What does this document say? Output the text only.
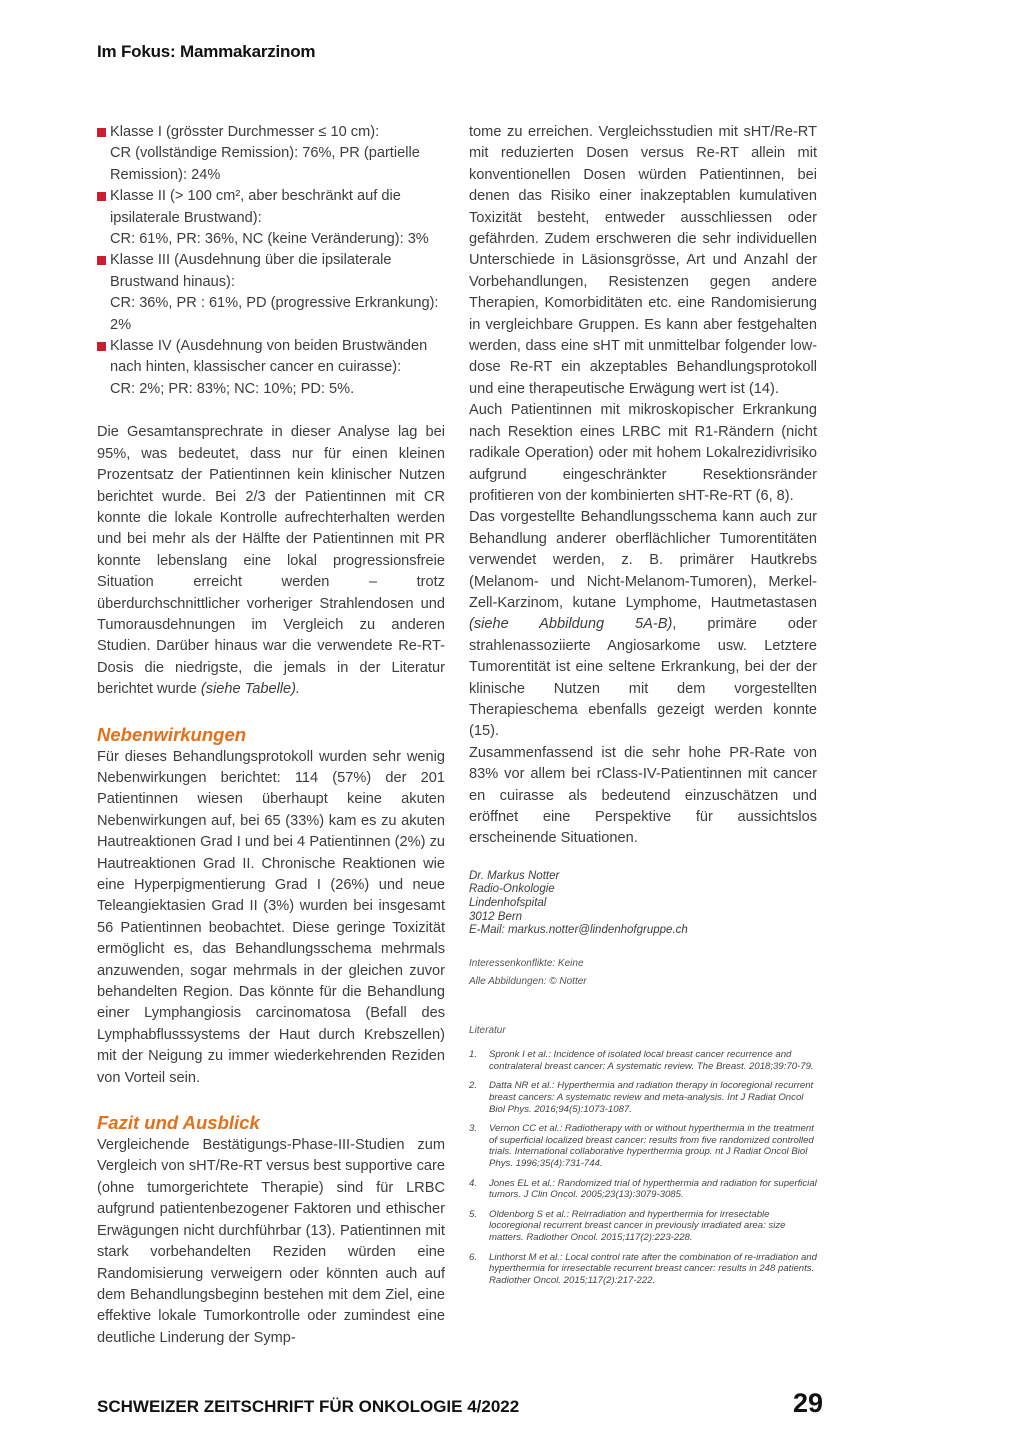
Im Fokus: Mammakarzinom

Klasse I (grösster Durchmesser ≤ 10 cm):
CR (vollständige Remission): 76%, PR (partielle Remission): 24%

Klasse II (> 100 cm², aber beschränkt auf die ipsilaterale Brustwand):
CR: 61%, PR: 36%, NC (keine Veränderung): 3%

Klasse III (Ausdehnung über die ipsilaterale Brustwand hinaus):
CR: 36%, PR : 61%, PD (progressive Erkrankung): 2%

Klasse IV (Ausdehnung von beiden Brustwänden nach hinten, klassischer cancer en cuirasse):
CR: 2%; PR: 83%; NC: 10%; PD: 5%.

Die Gesamtansprechrate in dieser Analyse lag bei 95%, was bedeutet, dass nur für einen kleinen Prozentsatz der Patientinnen kein klinischer Nutzen berichtet wurde. Bei 2/3 der Patientinnen mit CR konnte die lokale Kontrolle aufrechterhalten werden und bei mehr als der Hälfte der Patientinnen mit PR konnte lebenslang eine lokal progressionsfreie Situation erreicht werden – trotz überdurchschnittlicher vorheriger Strahlendosen und Tumorausdehnungen im Vergleich zu anderen Studien. Darüber hinaus war die verwendete Re-RT-Dosis die niedrigste, die jemals in der Literatur berichtet wurde (siehe Tabelle).

Nebenwirkungen

Für dieses Behandlungsprotokoll wurden sehr wenig Nebenwirkungen berichtet: 114 (57%) der 201 Patientinnen wiesen überhaupt keine akuten Nebenwirkungen auf, bei 65 (33%) kam es zu akuten Hautreaktionen Grad I und bei 4 Patientinnen (2%) zu Hautreaktionen Grad II. Chronische Reaktionen wie eine Hyperpigmentierung Grad I (26%) und neue Teleangiektasien Grad II (3%) wurden bei insgesamt 56 Patientinnen beobachtet. Diese geringe Toxizität ermöglicht es, das Behandlungsschema mehrmals anzuwenden, sogar mehrmals in der gleichen zuvor behandelten Region. Das könnte für die Behandlung einer Lymphangiosis carcinomatosa (Befall des Lymphabflusssystems der Haut durch Krebszellen) mit der Neigung zu immer wiederkehrenden Reziden von Vorteil sein.

Fazit und Ausblick

Vergleichende Bestätigungs-Phase-III-Studien zum Vergleich von sHT/Re-RT versus best supportive care (ohne tumorgerichtete Therapie) sind für LRBC aufgrund patientenbezogener Faktoren und ethischer Erwägungen nicht durchführbar (13). Patientinnen mit stark vorbehandelten Reziden würden eine Randomisierung verweigern oder könnten auch auf dem Behandlungsbeginn bestehen mit dem Ziel, eine effektive lokale Tumorkontrolle oder zumindest eine deutliche Linderung der Symp-

tome zu erreichen. Vergleichsstudien mit sHT/Re-RT mit reduzierten Dosen versus Re-RT allein mit konventionellen Dosen würden Patientinnen, bei denen das Risiko einer inakzeptablen kumulativen Toxizität besteht, entweder ausschliessen oder gefährden. Zudem erschweren die sehr individuellen Unterschiede in Läsionsgrösse, Art und Anzahl der Vorbehandlungen, Resistenzen gegen andere Therapien, Komorbiditäten etc. eine Randomisierung in vergleichbare Gruppen. Es kann aber festgehalten werden, dass eine sHT mit unmittelbar folgender low-dose Re-RT ein akzeptables Behandlungsprotokoll und eine therapeutische Erwägung wert ist (14).

Auch Patientinnen mit mikroskopischer Erkrankung nach Resektion eines LRBC mit R1-Rändern (nicht radikale Operation) oder mit hohem Lokalrezidivrisiko aufgrund eingeschränkter Resektionsränder profitieren von der kombinierten sHT-Re-RT (6, 8).

Das vorgestellte Behandlungsschema kann auch zur Behandlung anderer oberflächlicher Tumorentitäten verwendet werden, z. B. primärer Hautkrebs (Melanom- und Nicht-Melanom-Tumoren), Merkel-Zell-Karzinom, kutane Lymphome, Hautmetastasen (siehe Abbildung 5A-B), primäre oder strahlenassoziierte Angiosarkome usw. Letztere Tumorentität ist eine seltene Erkrankung, bei der der klinische Nutzen mit dem vorgestellten Therapieschema ebenfalls gezeigt werden konnte (15).

Zusammenfassend ist die sehr hohe PR-Rate von 83% vor allem bei rClass-IV-Patientinnen mit cancer en cuirasse als bedeutend einzuschätzen und eröffnet eine Perspektive für aussichtslos erscheinende Situationen.

Dr. Markus Notter
Radio-Onkologie
Lindenhofspital
3012 Bern
E-Mail: markus.notter@lindenhofgruppe.ch
Interessenkonflikte: Keine
Alle Abbildungen: © Notter
Literatur
1. Spronk I et al.: Incidence of isolated local breast cancer recurrence and contralateral breast cancer: A systematic review. The Breast. 2018;39:70-79.
2. Datta NR et al.: Hyperthermia and radiation therapy in locoregional recurrent breast cancers: A systematic review and meta-analysis. Int J Radiat Oncol Biol Phys. 2016;94(5):1073-1087.
3. Vernon CC et al.: Radiotherapy with or without hyperthermia in the treatment of superficial localized breast cancer: results from five randomized controlled trials. International collaborative hyperthermia group. nt J Radiat Oncol Biol Phys. 1996;35(4):731-744.
4. Jones EL et al.: Randomized trial of hyperthermia and radiation for superficial tumors. J Clin Oncol. 2005;23(13):3079-3085.
5. Oldenborg S et al.: Reirradiation and hyperthermia for irresectable locoregional recurrent breast cancer in previously irradiated area: size matters. Radiother Oncol. 2015;117(2):223-228.
6. Linthorst M et al.: Local control rate after the combination of re-irradiation and hyperthermia for irresectable recurrent breast cancer: results in 248 patients. Radiother Oncol. 2015;117(2):217-222.
SCHWEIZER ZEITSCHRIFT FÜR ONKOLOGIE 4/2022	29
